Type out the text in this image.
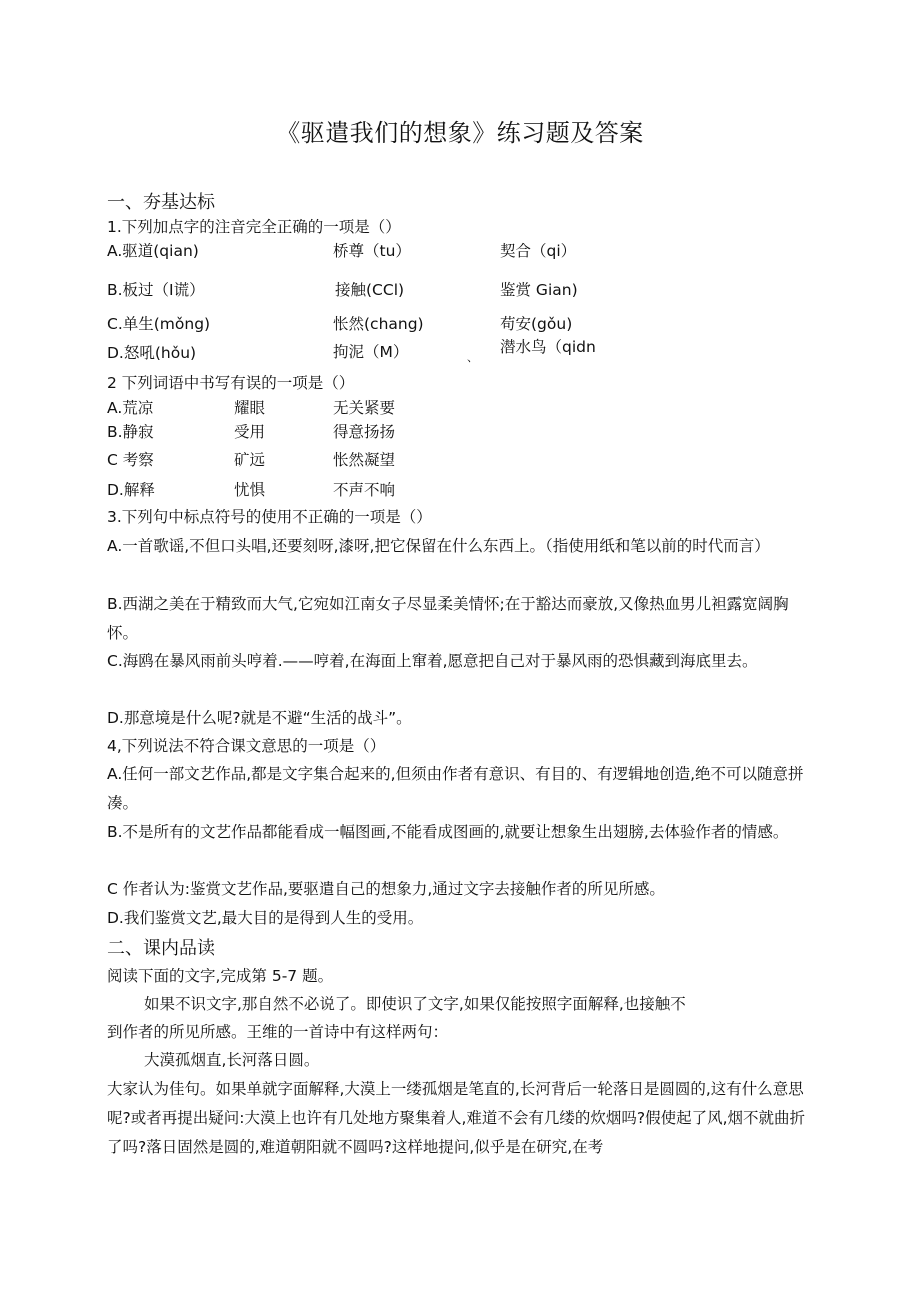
《驱遣我们的想象》练习题及答案
一、夯基达标
1.下列加点字的注音完全正确的一项是（）
A.驱道(qian)	桥尊（tu）	契合（qi）
B.板过（I谎）	接触(CCl)	鉴赏 Gian)
C.单生(mǒng)	怅然(chang)	苟安(gǒu)
D.怒吼(hǒu)	拘泥（M）	潜水鸟（qidn
、
2 下列词语中书写有误的一项是（）
A.荒凉	耀眼	无关紧要
B.静寂	受用	得意扬扬
C 考察	矿远	怅然凝望
D.解释	忧惧	不声不响
3.下列句中标点符号的使用不正确的一项是（）
A.一首歌谣,不但口头唱,还要刻呀,漆呀,把它保留在什么东西上。（指使用纸和笔以前的时代而言）
B.西湖之美在于精致而大气,它宛如江南女子尽显柔美情怀;在于豁达而豪放,又像热血男儿袒露宽阔胸怀。
C.海鸥在暴风雨前头哼着.——哼着,在海面上窜着,愿意把自己对于暴风雨的恐惧藏到海底里去。
D.那意境是什么呢?就是不避“生活的战斗”。
4,下列说法不符合课文意思的一项是（）
A.任何一部文艺作品,都是文字集合起来的,但须由作者有意识、有目的、有逻辑地创造,绝不可以随意拼凑。
B.不是所有的文艺作品都能看成一幅图画,不能看成图画的,就要让想象生出翅膀,去体验作者的情感。
C 作者认为:鉴赏文艺作品,要驱遣自己的想象力,通过文字去接触作者的所见所感。
D.我们鉴赏文艺,最大目的是得到人生的受用。
二、课内品读
阅读下面的文字,完成第 5-7 题。
如果不识文字,那自然不必说了。即使识了文字,如果仅能按照字面解释,也接触不
到作者的所见所感。王维的一首诗中有这样两句：
大漠孤烟直,长河落日圆。
大家认为佳句。如果单就字面解释,大漠上一缕孤烟是笔直的,长河背后一轮落日是圆圆的,这有什么意思呢?或者再提出疑问:大漠上也许有几处地方聚集着人,难道不会有几缕的炊烟吗?假使起了风,烟不就曲折了吗?落日固然是圆的,难道朝阳就不圆吗?这样地提问,似乎是在研究,在考
